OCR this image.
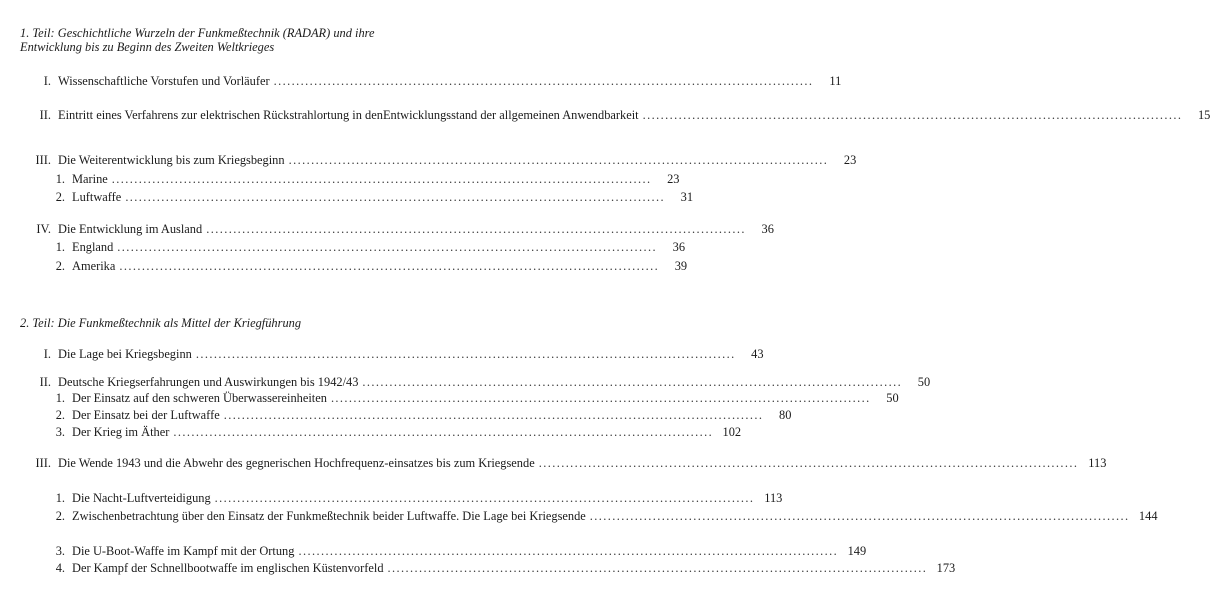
1. Teil: Geschichtliche Wurzeln der Funkmeßtechnik (RADAR) und ihre
Entwicklung bis zu Beginn des Zweiten Weltkrieges
I. Wissenschaftliche Vorstufen und Vorläufer ........................................................................................................................	11
II. Eintritt eines Verfahrens zur elektrischen Rückstrahlortung in den Entwicklungsstand der allgemeinen Anwendbarkeit ........................................................................................................................	15
III. Die Weiterentwicklung bis zum Kriegsbeginn ........................................................................................................................	23
1. Marine ........................................................................................................................	23
2. Luftwaffe ........................................................................................................................	31
IV. Die Entwicklung im Ausland ........................................................................................................................	36
1. England ........................................................................................................................	36
2. Amerika ........................................................................................................................	39
2. Teil: Die Funkmeßtechnik als Mittel der Kriegführung
I. Die Lage bei Kriegsbeginn ........................................................................................................................	43
II. Deutsche Kriegserfahrungen und Auswirkungen bis 1942/43 ........................................................................................................................	50
1. Der Einsatz auf den schweren Überwassereinheiten ........................................................................................................................	50
2. Der Einsatz bei der Luftwaffe ........................................................................................................................	80
3. Der Krieg im Äther ........................................................................................................................ 102
III. Die Wende 1943 und die Abwehr des gegnerischen Hochfrequenz- einsatzes bis zum Kriegsende ........................................................................................................................ 113
1. Die Nacht-Luftverteidigung ........................................................................................................................ 113
2. Zwischenbetrachtung über den Einsatz der Funkmeßtechnik bei der Luftwaffe. Die Lage bei Kriegsende ........................................................................................................................ 144
3. Die U-Boot-Waffe im Kampf mit der Ortung ........................................................................................................................ 149
4. Der Kampf der Schnellbootwaffe im englischen Küstenvorfeld ........................................................................................................................ 173
